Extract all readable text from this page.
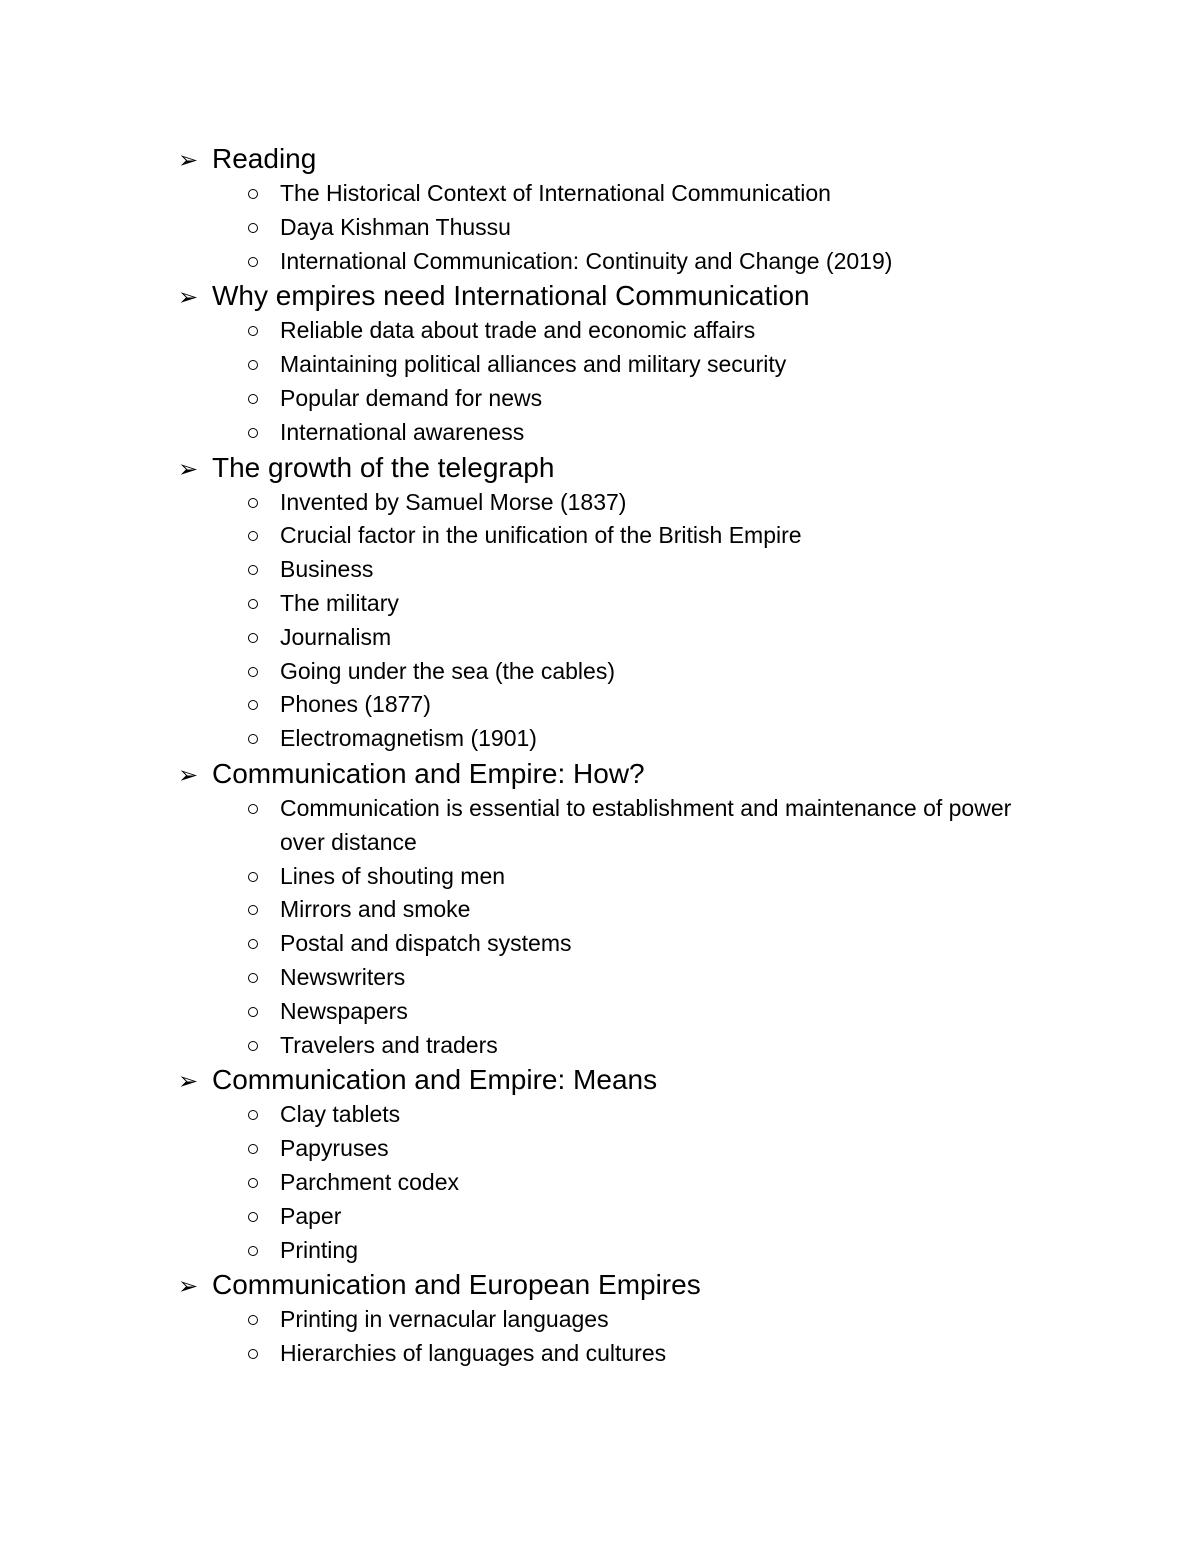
➢ Reading
The Historical Context of International Communication
Daya Kishman Thussu
International Communication: Continuity and Change (2019)
➢ Why empires need International Communication
Reliable data about trade and economic affairs
Maintaining political alliances and military security
Popular demand for news
International awareness
➢ The growth of the telegraph
Invented by Samuel Morse (1837)
Crucial factor in the unification of the British Empire
Business
The military
Journalism
Going under the sea (the cables)
Phones (1877)
Electromagnetism (1901)
➢ Communication and Empire: How?
Communication is essential to establishment and maintenance of power over distance
Lines of shouting men
Mirrors and smoke
Postal and dispatch systems
Newswriters
Newspapers
Travelers and traders
➢ Communication and Empire: Means
Clay tablets
Papyruses
Parchment codex
Paper
Printing
➢ Communication and European Empires
Printing in vernacular languages
Hierarchies of languages and cultures
